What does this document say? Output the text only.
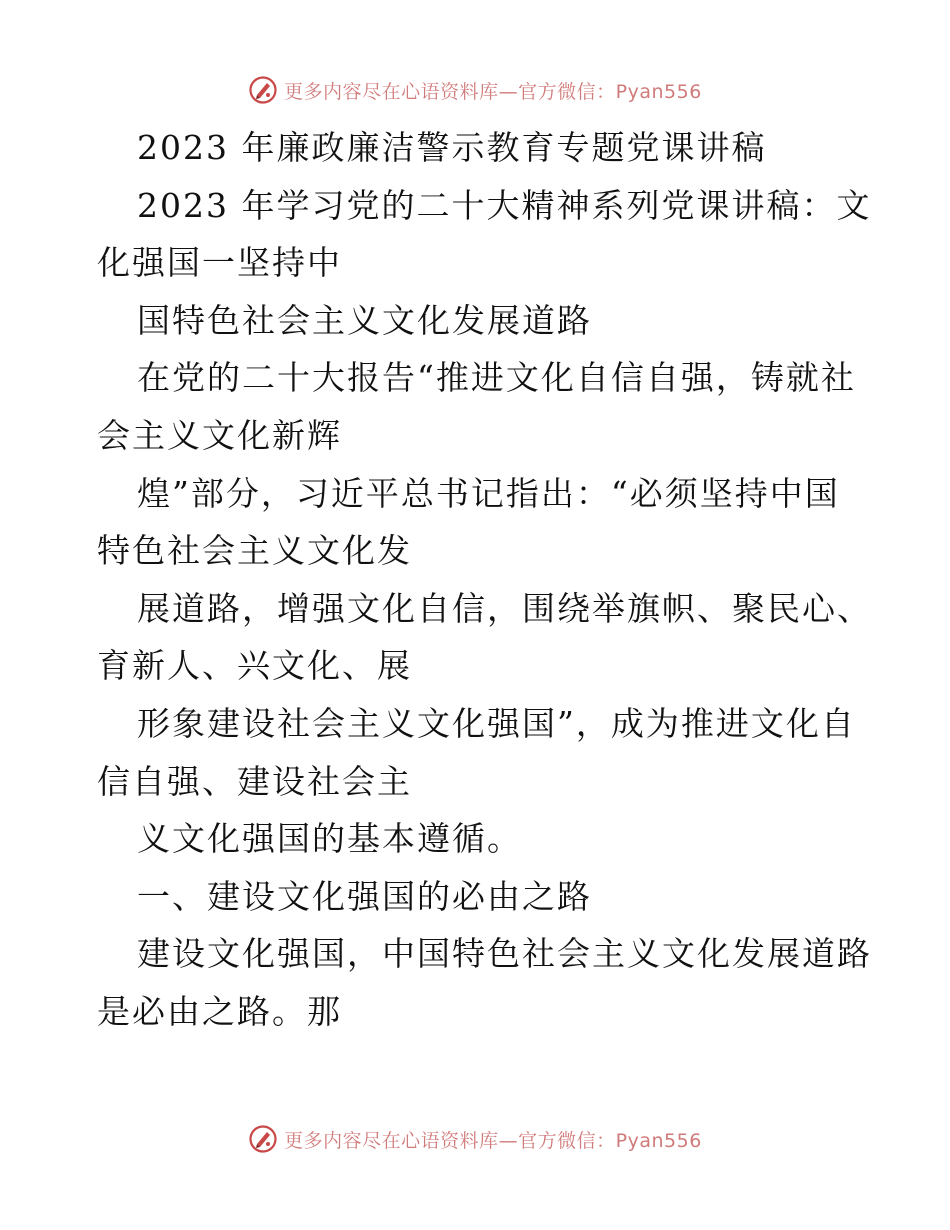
更多内容尽在心语资料库—官方微信：Pyan556
2023 年廉政廉洁警示教育专题党课讲稿
2023 年学习党的二十大精神系列党课讲稿：文
化强国一坚持中
国特色社会主义文化发展道路
在党的二十大报告“推进文化自信自强，铸就社
会主义文化新辉
煌”部分，习近平总书记指出：“必须坚持中国
特色社会主义文化发
展道路，增强文化自信，围绕举旗帜、聚民心、
育新人、兴文化、展
形象建设社会主义文化强国”，成为推进文化自
信自强、建设社会主
义文化强国的基本遵循。
一、建设文化强国的必由之路
建设文化强国，中国特色社会主义文化发展道路
是必由之路。那
更多内容尽在心语资料库—官方微信：Pyan556
